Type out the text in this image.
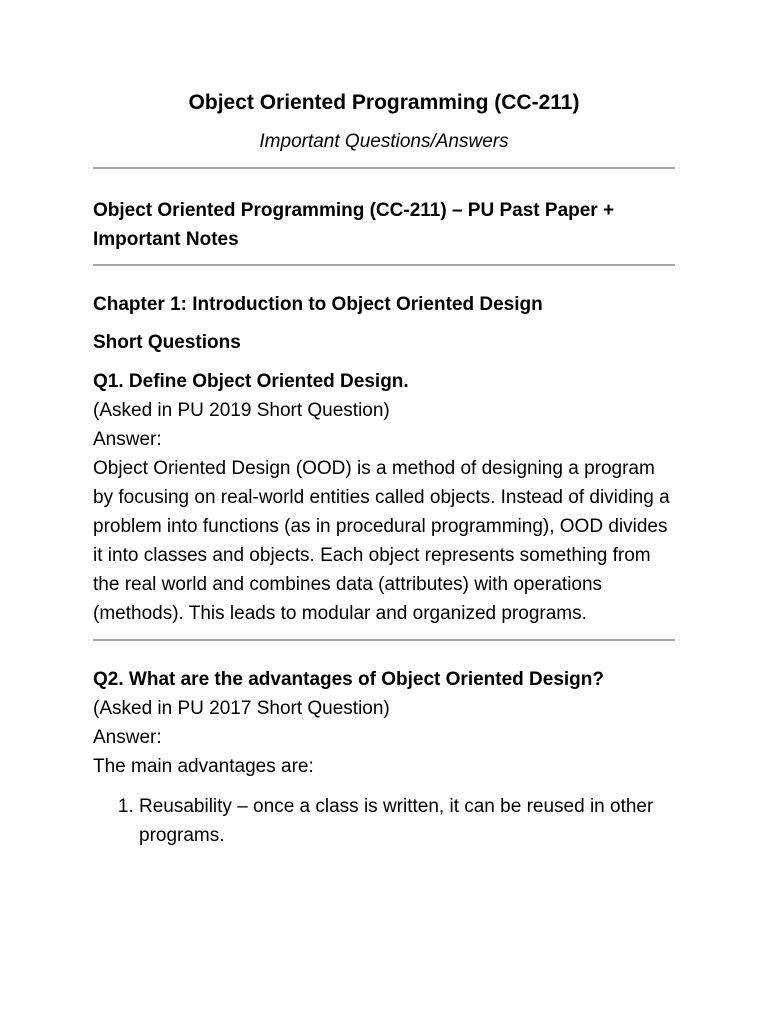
Object Oriented Programming (CC-211)
Important Questions/Answers
Object Oriented Programming (CC-211) – PU Past Paper +
Important Notes
Chapter 1: Introduction to Object Oriented Design
Short Questions
Q1. Define Object Oriented Design.
(Asked in PU 2019 Short Question)
Answer:

Object Oriented Design (OOD) is a method of designing a program by focusing on real-world entities called objects. Instead of dividing a problem into functions (as in procedural programming), OOD divides it into classes and objects. Each object represents something from the real world and combines data (attributes) with operations (methods). This leads to modular and organized programs.

Q2. What are the advantages of Object Oriented Design?
(Asked in PU 2017 Short Question)
Answer:
The main advantages are:
1. Reusability – once a class is written, it can be reused in other programs.
